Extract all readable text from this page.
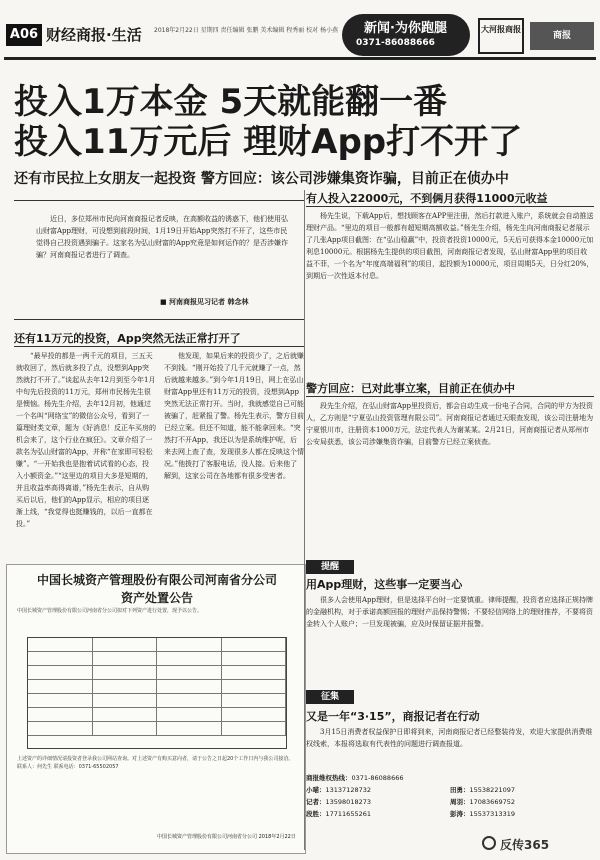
A06 财经商报·生活 2018年2月22日 星期四 责任编辑 张鹏 美术编辑 程秀丽 校对 杨小燕	新闻·为你跑腿
0371-86088666
大河报商报
商报
投入1万本金 5天就能翻一番
投入11万元后 理财App打不开了
还有市民拉上女朋友一起投资 警方回应：该公司涉嫌集资诈骗，目前正在侦办中
近日，多位郑州市民向河南商报记者反映，在高额收益的诱惑下，他们使用弘山财富App理财，可没想到前段时间，1月19日开始App突然打不开了，这些市民觉得自己投资遇到骗子。这家名为弘山财富的App究竟是如何运作的？是否涉嫌诈骗？河南商报记者进行了调查。
■ 河南商报见习记者 韩念林
还有11万元的投资，App突然无法正常打开了

“最早投的都是一两千元的项目，三五天就收回了，然后就多投了点，没想到App突然就打不开了。”谈起从去年12月到至今年1月中旬先后投资的11万元，郑州市民杨先生很是懊恼。杨先生介绍，去年12月初，他通过一个名叫“网络宝”的微信公众号，看到了一篇理财类文章，题为《好消息！反正车买房的机会来了，这个行业在疯狂》。文章介绍了一款名为弘山财富的App，并称“在家即可轻松赚”。“一开始我也是抱着试试看的心态，投入小额资金。”“这里边的项目大多是短期的，并且收益率高得离谱，”杨先生表示，自从购买后以后，他们的App显示，相应的项目逐渐上线，“我觉得也挺赚钱的，以后一直都在投。”

他发现，如果后来的投资少了，之后就赚不到钱。“刚开始投了几千元就赚了一点，然后就越来越多。”到今年1月19日，网上在弘山财富App里还有11万元的投资，没想到App突然无法正常打开。当时，我就感觉自己可能被骗了，赶紧报了警。杨先生表示，警方目前已经立案。但还不知道，能不能拿回来。“突然打不开App，我还以为是系统维护呢，后来去网上查了查，发现很多人都在反映这个情况。”他拨打了客服电话，没人接。后来他了解到，这家公司在各地都有很多受害者。

有人投入22000元，不到俩月获得11000元收益

杨先生说，下载App后，想找顾客在APP里注册，然后打款进入账户，系统就会自动推送理财产品。“里边的项目一般都有超短期高额收益。”杨先生介绍，杨先生向河南商报记者展示了几张App项目截图：在“弘山稳赢”中，投资者投资10000元，5天后可获得本金10000元加利息10000元。根据杨先生提供的项目截图，河南商报记者发现，弘山财富App里的项目收益不菲，一个名为“年度高端福利”的项目，起投额为10000元，项目周期5天，日分红20%，到期后一次性返本付息。

警方回应：已对此事立案，目前正在侦办中

段先生介绍，在弘山财富App里投资后，都会自动生成一份电子合同，合同的甲方为投资人，乙方则是“宁夏弘山投资管理有限公司”。河南商报记者通过天眼查发现，该公司注册地为宁夏银川市，注册资本1000万元，法定代表人为谢某某。2月21日，河南商报记者从郑州市公安局获悉，该公司涉嫌集资诈骗，目前警方已经立案侦查。

中国长城资产管理股份有限公司河南省分公司
资产处置公告
中国长城资产管理股份有限公司河南省分公司拟对下列资产进行处置，现予以公告。
上述资产的详细情况请投资者登录我公司网站查询。对上述资产有购买意向者，请于公告之日起20个工作日内与我公司接洽。联系人：何先生 联系电话：0371-65502057
中国长城资产管理股份有限公司河南省分公司 2018年2月22日
提醒
用App理财，这些事一定要当心

很多人会使用App理财，但是选择平台时一定要慎重。律师提醒，投资者应选择正规持牌的金融机构，对于承诺高额回报的理财产品保持警惕；不要轻信网络上的理财推荐，不要将资金转入个人账户；一旦发现被骗，应及时保留证据并报警。

征集
又是一年“3·15”，商报记者在行动

3月15日消费者权益保护日即将到来，河南商报记者已经整装待发，欢迎大家提供消费维权线索，本报将选取有代表性的问题进行调查报道。

商报维权热线：0371-86088666
小喵：13137128732	田勇：15538221097
记者：13598018273	周羽：17083669752
段胜：17711655261	彭涛：15537313319
反传365
